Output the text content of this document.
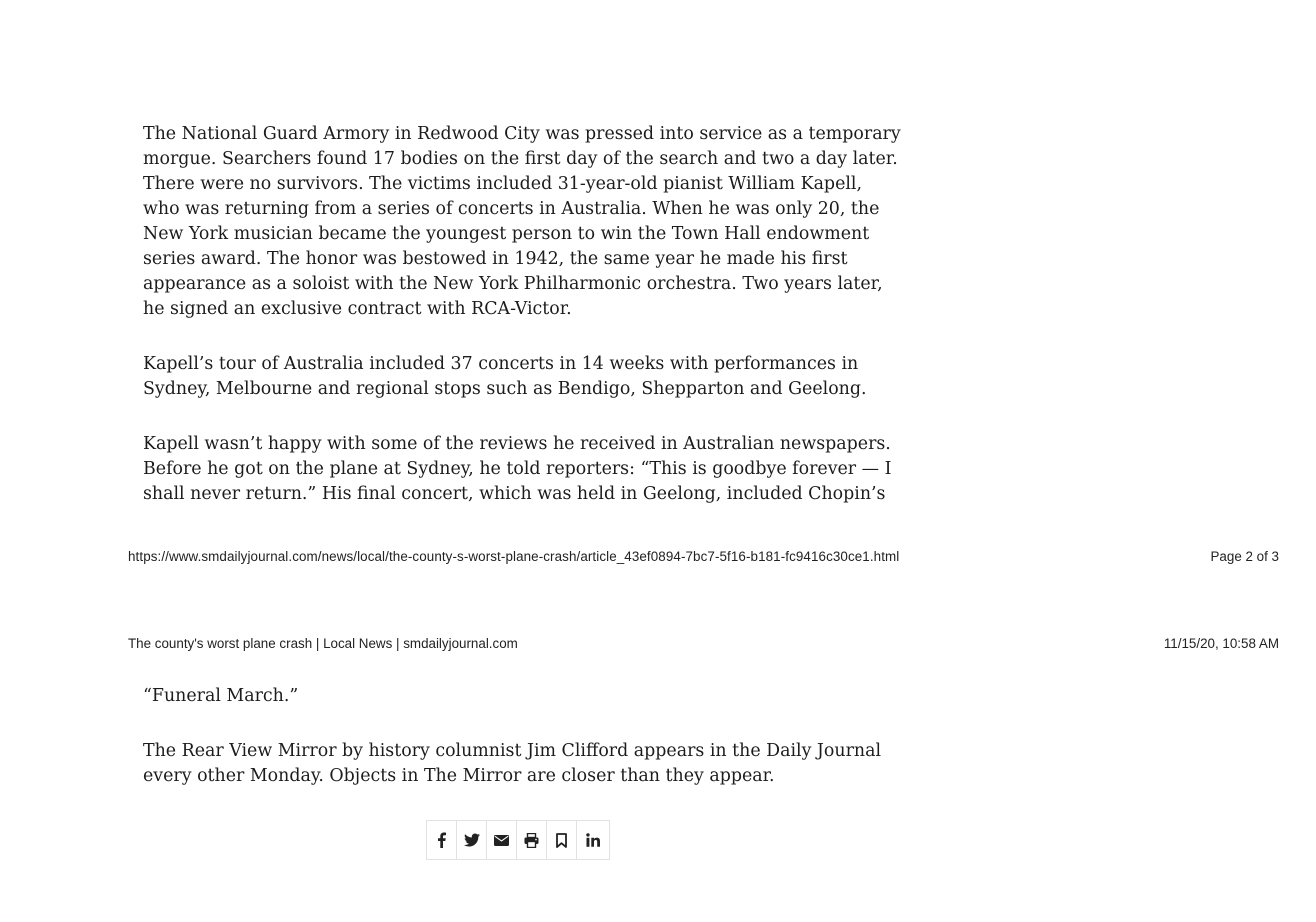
The National Guard Armory in Redwood City was pressed into service as a temporary morgue. Searchers found 17 bodies on the first day of the search and two a day later. There were no survivors. The victims included 31-year-old pianist William Kapell, who was returning from a series of concerts in Australia. When he was only 20, the New York musician became the youngest person to win the Town Hall endowment series award. The honor was bestowed in 1942, the same year he made his first appearance as a soloist with the New York Philharmonic orchestra. Two years later, he signed an exclusive contract with RCA-Victor.

Kapell’s tour of Australia included 37 concerts in 14 weeks with performances in Sydney, Melbourne and regional stops such as Bendigo, Shepparton and Geelong.

Kapell wasn’t happy with some of the reviews he received in Australian newspapers. Before he got on the plane at Sydney, he told reporters: “This is goodbye forever — I shall never return.” His final concert, which was held in Geelong, included Chopin’s

https://www.smdailyjournal.com/news/local/the-county-s-worst-plane-crash/article_43ef0894-7bc7-5f16-b181-fc9416c30ce1.html	Page 2 of 3
The county's worst plane crash | Local News | smdailyjournal.com	11/15/20, 10:58 AM

“Funeral March.”

The Rear View Mirror by history columnist Jim Clifford appears in the Daily Journal every other Monday. Objects in The Mirror are closer than they appear.
